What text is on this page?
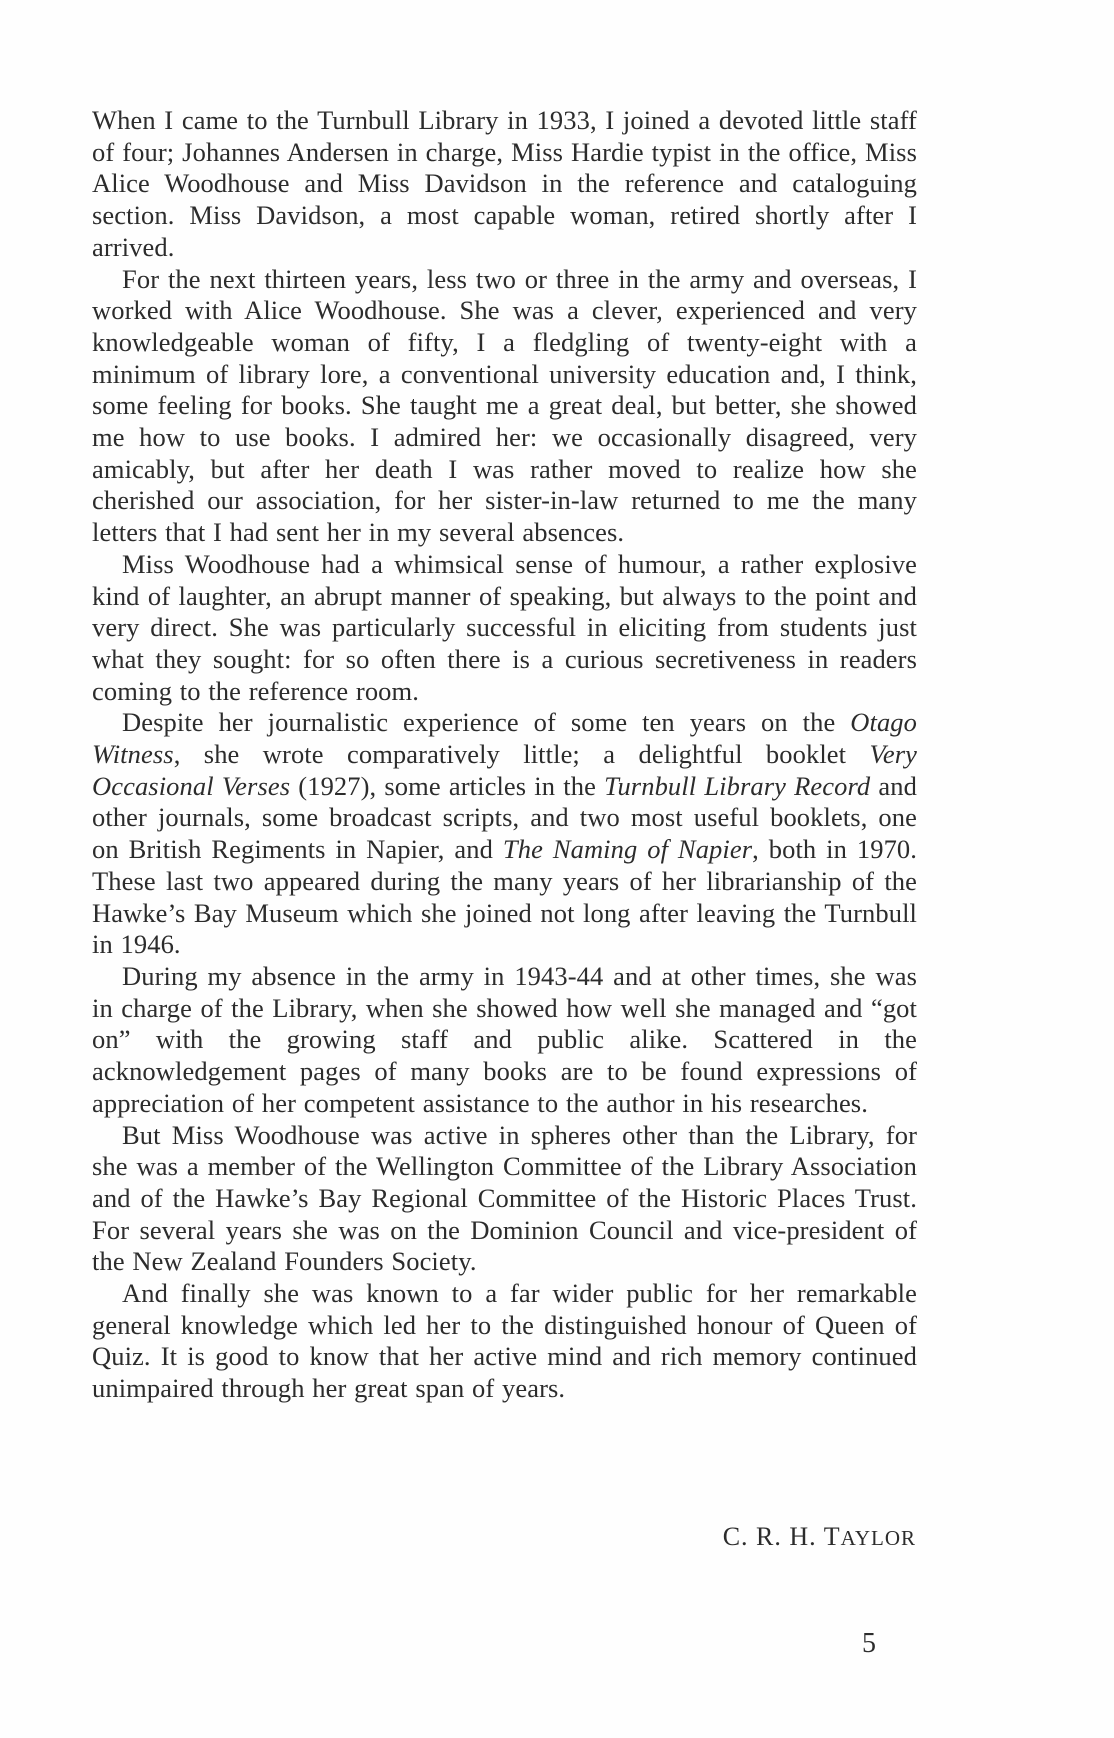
When I came to the Turnbull Library in 1933, I joined a devoted little staff of four; Johannes Andersen in charge, Miss Hardie typist in the office, Miss Alice Woodhouse and Miss Davidson in the reference and cataloguing section. Miss Davidson, a most capable woman, retired shortly after I arrived.

For the next thirteen years, less two or three in the army and overseas, I worked with Alice Woodhouse. She was a clever, experienced and very knowledgeable woman of fifty, I a fledgling of twenty-eight with a minimum of library lore, a conventional university education and, I think, some feeling for books. She taught me a great deal, but better, she showed me how to use books. I admired her: we occasionally disagreed, very amicably, but after her death I was rather moved to realize how she cherished our association, for her sister-in-law returned to me the many letters that I had sent her in my several absences.

Miss Woodhouse had a whimsical sense of humour, a rather explosive kind of laughter, an abrupt manner of speaking, but always to the point and very direct. She was particularly successful in eliciting from students just what they sought: for so often there is a curious secretiveness in readers coming to the reference room.

Despite her journalistic experience of some ten years on the Otago Witness, she wrote comparatively little; a delightful booklet Very Occasional Verses (1927), some articles in the Turnbull Library Record and other journals, some broadcast scripts, and two most useful booklets, one on British Regiments in Napier, and The Naming of Napier, both in 1970. These last two appeared during the many years of her librarianship of the Hawke’s Bay Museum which she joined not long after leaving the Turnbull in 1946.

During my absence in the army in 1943-44 and at other times, she was in charge of the Library, when she showed how well she managed and “got on” with the growing staff and public alike. Scattered in the acknowledgement pages of many books are to be found expressions of appreciation of her competent assistance to the author in his researches.

But Miss Woodhouse was active in spheres other than the Library, for she was a member of the Wellington Committee of the Library Association and of the Hawke’s Bay Regional Committee of the Historic Places Trust. For several years she was on the Dominion Council and vice-president of the New Zealand Founders Society.

And finally she was known to a far wider public for her remarkable general knowledge which led her to the distinguished honour of Queen of Quiz. It is good to know that her active mind and rich memory continued unimpaired through her great span of years.

C. R. H. TAYLOR
5
